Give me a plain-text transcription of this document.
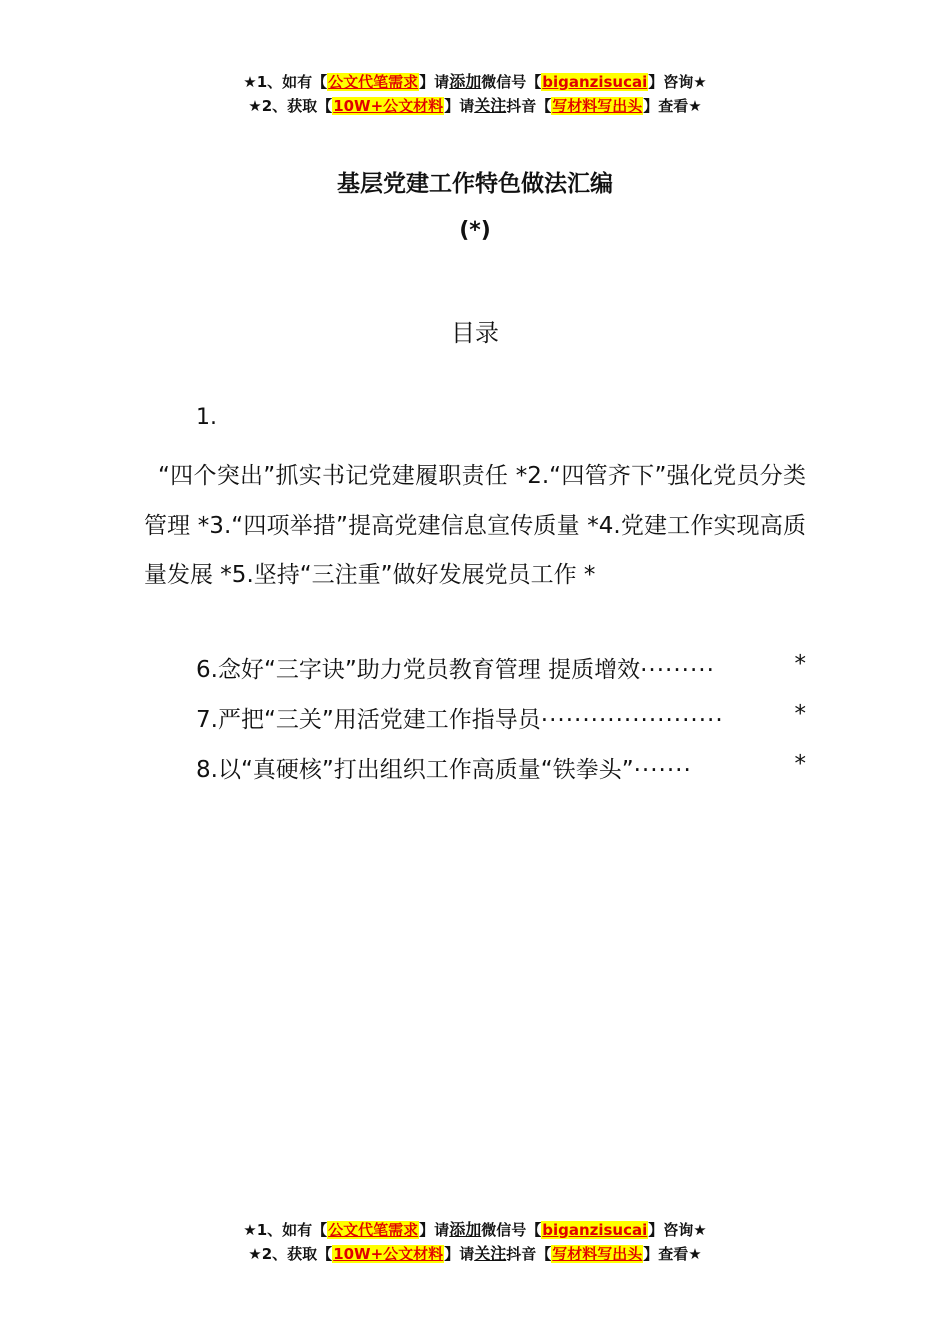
★1、如有【公文代笔需求】请添加微信号【biganzisucai】咨询★
★2、获取【10W+公文材料】请关注抖音【写材料写出头】查看★
基层党建工作特色做法汇编
(*)
目录
1.
“四个突出”抓实书记党建履职责任 *2.“四管齐下”强化党员分类管理 *3.“四项举措”提高党建信息宣传质量 *4.党建工作实现高质量发展 *5.坚持“三注重”做好发展党员工作 *
6.念好“三字诀”助力党员教育管理 提质增效 .........	*
7.严把“三关”用活党建工作指导员 ......................	*
8.以“真硬核”打出组织工作高质量“铁拳头” .......	*
★1、如有【公文代笔需求】请添加微信号【biganzisucai】咨询★
★2、获取【10W+公文材料】请关注抖音【写材料写出头】查看★
